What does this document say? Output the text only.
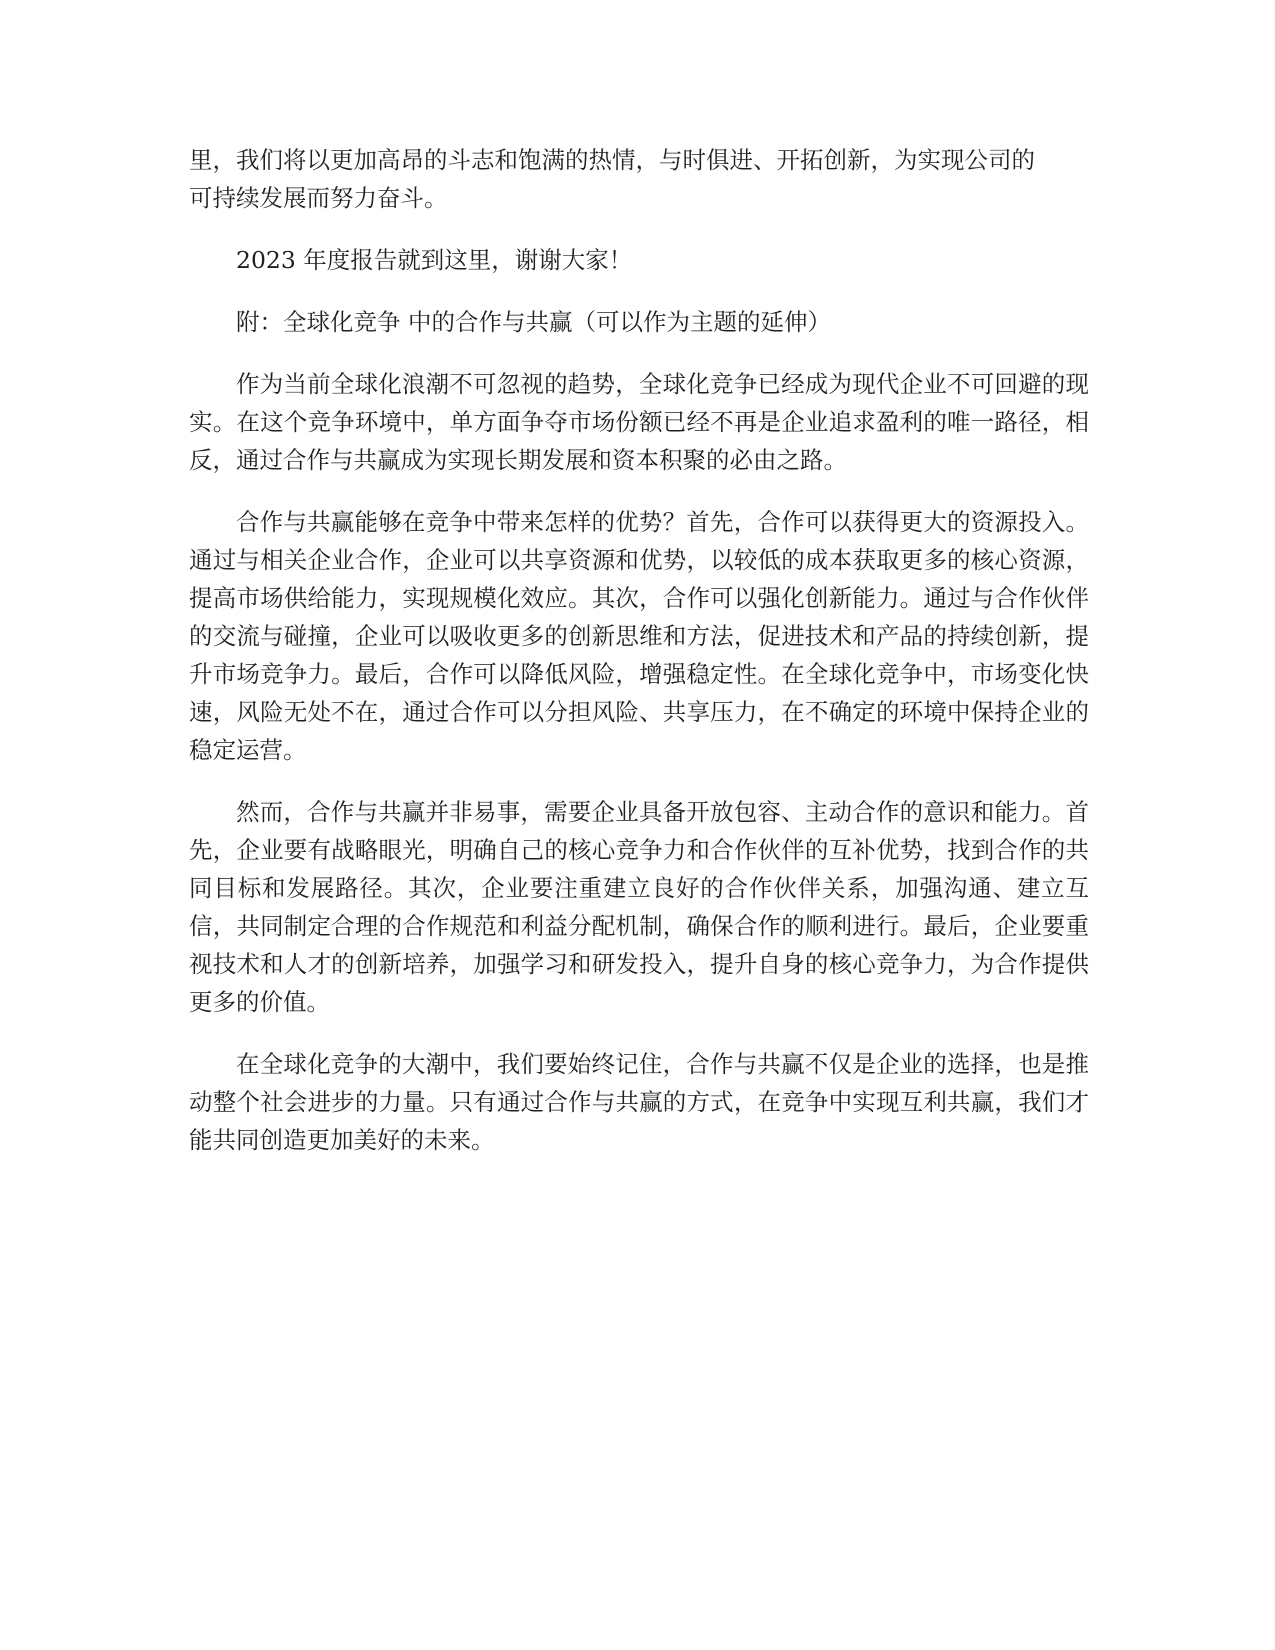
里，我们将以更加高昂的斗志和饱满的热情，与时俱进、开拓创新，为实现公司的
可持续发展而努力奋斗。

2023 年度报告就到这里，谢谢大家！

附：全球化竞争 中的合作与共赢（可以作为主题的延伸）

作为当前全球化浪潮不可忽视的趋势，全球化竞争已经成为现代企业不可回避的现实。在这个竞争环境中，单方面争夺市场份额已经不再是企业追求盈利的唯一路径，相反，通过合作与共赢成为实现长期发展和资本积聚的必由之路。

合作与共赢能够在竞争中带来怎样的优势？首先，合作可以获得更大的资源投入。通过与相关企业合作，企业可以共享资源和优势，以较低的成本获取更多的核心资源，提高市场供给能力，实现规模化效应。其次，合作可以强化创新能力。通过与合作伙伴的交流与碰撞，企业可以吸收更多的创新思维和方法，促进技术和产品的持续创新，提升市场竞争力。最后，合作可以降低风险，增强稳定性。在全球化竞争中，市场变化快速，风险无处不在，通过合作可以分担风险、共享压力，在不确定的环境中保持企业的稳定运营。

然而，合作与共赢并非易事，需要企业具备开放包容、主动合作的意识和能力。首先，企业要有战略眼光，明确自己的核心竞争力和合作伙伴的互补优势，找到合作的共同目标和发展路径。其次，企业要注重建立良好的合作伙伴关系，加强沟通、建立互信，共同制定合理的合作规范和利益分配机制，确保合作的顺利进行。最后，企业要重视技术和人才的创新培养，加强学习和研发投入，提升自身的核心竞争力，为合作提供更多的价值。

在全球化竞争的大潮中，我们要始终记住，合作与共赢不仅是企业的选择，也是推动整个社会进步的力量。只有通过合作与共赢的方式，在竞争中实现互利共赢，我们才能共同创造更加美好的未来。
